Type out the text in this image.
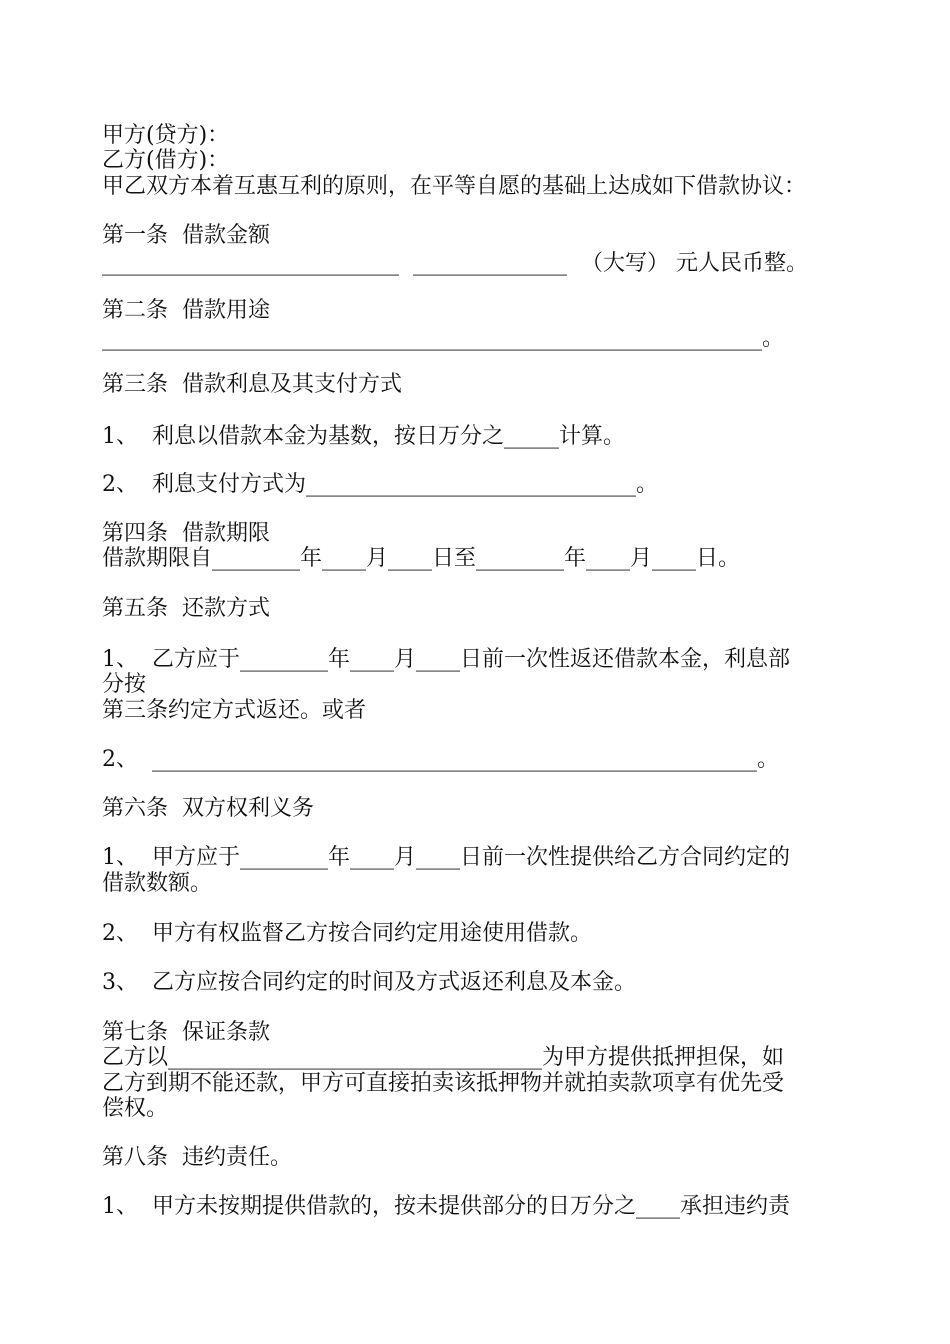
甲方(贷方)：
乙方(借方)：
甲乙双方本着互惠互利的原则，在平等自愿的基础上达成如下借款协议：
第一条  借款金额
___________________________  ______________  （大写） 元人民币整。
第二条  借款用途
____________________________________________________________。
第三条  借款利息及其支付方式
1、  利息以借款本金为基数，按日万分之_____计算。
2、  利息支付方式为______________________________。
第四条  借款期限
借款期限自________年____月____日至________年____月____日。
第五条  还款方式
1、  乙方应于________年____月____日前一次性返还借款本金，利息部
分按
第三条约定方式返还。或者
2、  _______________________________________________________。
第六条  双方权利义务
1、  甲方应于________年____月____日前一次性提供给乙方合同约定的
借款数额。
2、  甲方有权监督乙方按合同约定用途使用借款。
3、  乙方应按合同约定的时间及方式返还利息及本金。
第七条  保证条款
乙方以__________________________________为甲方提供抵押担保，如
乙方到期不能还款，甲方可直接拍卖该抵押物并就拍卖款项享有优先受
偿权。
第八条  违约责任。
1、  甲方未按期提供借款的，按未提供部分的日万分之____承担违约责
